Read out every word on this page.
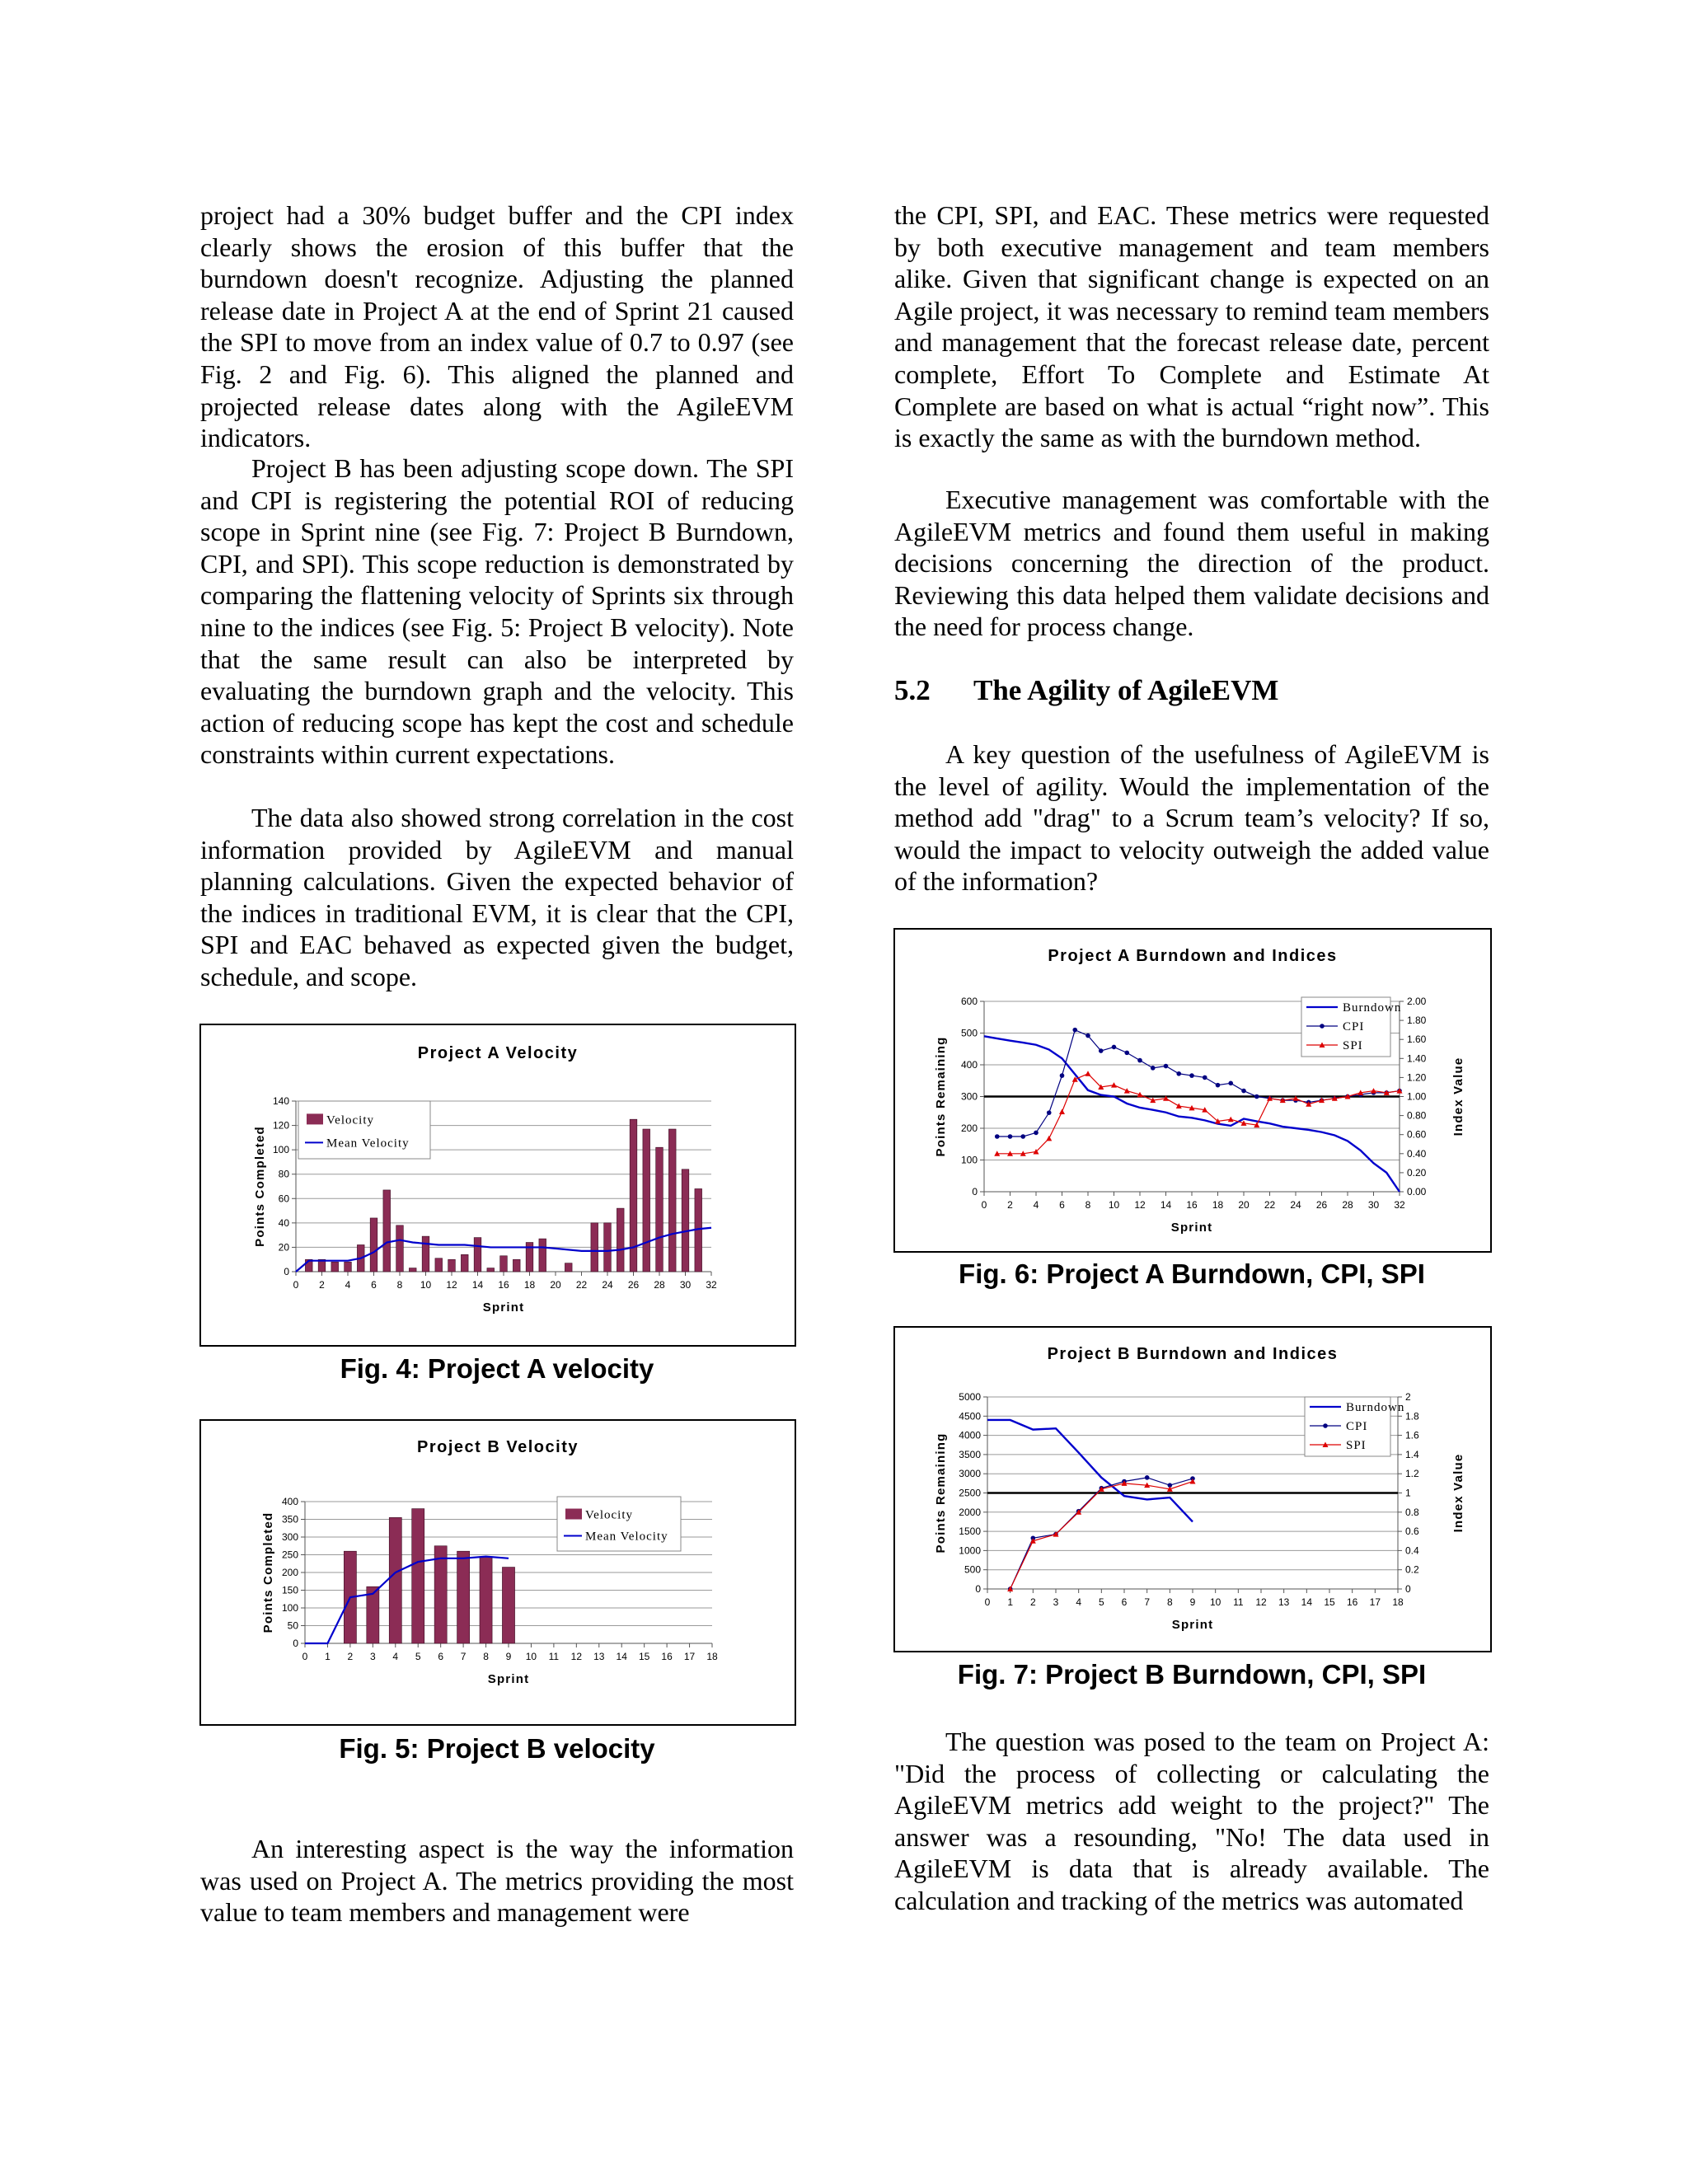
project had a 30% budget buffer and the CPI index clearly shows the erosion of this buffer that the burndown doesn't recognize. Adjusting the planned release date in Project A at the end of Sprint 21 caused the SPI to move from an index value of 0.7 to 0.97 (see Fig. 2 and Fig. 6). This aligned the planned and projected release dates along with the AgileEVM indicators.

Project B has been adjusting scope down. The SPI and CPI is registering the potential ROI of reducing scope in Sprint nine (see Fig. 7: Project B Burndown, CPI, and SPI). This scope reduction is demonstrated by comparing the flattening velocity of Sprints six through nine to the indices (see Fig. 5: Project B velocity). Note that the same result can also be interpreted by evaluating the burndown graph and the velocity. This action of reducing scope has kept the cost and schedule constraints within current expectations.

The data also showed strong correlation in the cost information provided by AgileEVM and manual planning calculations. Given the expected behavior of the indices in traditional EVM, it is clear that the CPI, SPI and EAC behaved as expected given the budget, schedule, and scope.

Project A Velocity
0
20
40
60
80
100
120
140
0 2 4 6 8 10 12 14 16 18 20 22 24 26 28 30 32
Sprint
Points Completed
Velocity
Mean Velocity

Fig. 4: Project A velocity

Project B Velocity
0
50
100
150
200
250
300
350
400
0 1 2 3 4 5 6 7 8 9 10 11 12 13 14 15 16 17 18
Sprint
Points Completed	Velocity
Mean Velocity

Fig. 5: Project B velocity

An interesting aspect is the way the information was used on Project A. The metrics providing the most value to team members and management were

the CPI, SPI, and EAC. These metrics were requested by both executive management and team members alike. Given that significant change is expected on an Agile project, it was necessary to remind team members and management that the forecast release date, percent complete, Effort To Complete and Estimate At Complete are based on what is actual “right now”. This is exactly the same as with the burndown method.

Executive management was comfortable with the AgileEVM metrics and found them useful in making decisions concerning the direction of the product. Reviewing this data helped them validate decisions and the need for process change.

5.2 The Agility of AgileEVM

A key question of the usefulness of AgileEVM is the level of agility. Would the implementation of the method add "drag" to a Scrum team’s velocity? If so, would the impact to velocity outweigh the added value of the information?

Project A Burndown and Indices
0
100
200
300
400
500
600
0 2 4 6 8 10 12 14 16 18 20 22 24 26 28 30 32
0.00
0.20
0.40
0.60
0.80
1.00
1.20
1.40
1.60
1.80
2.00
Sprint
Points Remaining	Index Value
Burndown
CPI
SPI

Fig. 6: Project A Burndown, CPI, SPI

Project B Burndown and Indices
0
500
1000
1500
2000
2500
3000
3500
4000
4500
5000
0 1 2 3 4 5 6 7 8 9 10 11 12 13 14 15 16 17 18
0
0.2
0.4
0.6
0.8
1
1.2
1.4
1.6
1.8
2
Sprint
Points Remaining	Index Value
Burndown
CPI
SPI

Fig. 7: Project B Burndown, CPI, SPI

The question was posed to the team on Project A: "Did the process of collecting or calculating the AgileEVM metrics add weight to the project?" The answer was a resounding, "No! The data used in AgileEVM is data that is already available. The calculation and tracking of the metrics was automated
